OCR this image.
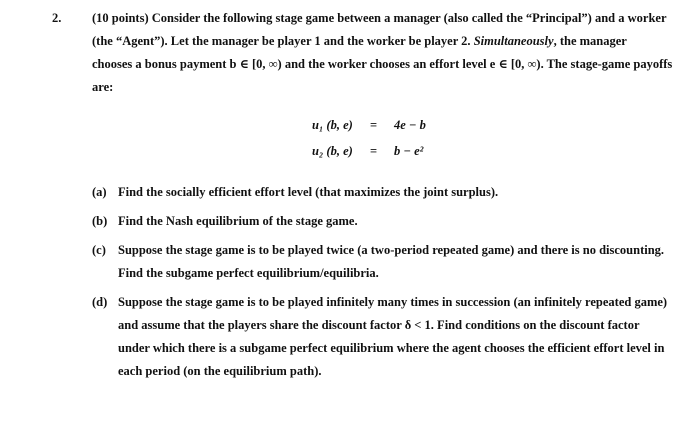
2. (10 points) Consider the following stage game between a manager (also called the “Principal”) and a worker
(the “Agent”). Let the manager be player 1 and the worker be player 2. Simultaneously, the manager
chooses a bonus payment b ∈ [0, ∞) and the worker chooses an effort level e ∈ [0, ∞). The stage-game payoffs
are:
u₁ (b, e) = 4e − b
u₂ (b, e) = b − e²
(a) Find the socially efficient effort level (that maximizes the joint surplus).
(b) Find the Nash equilibrium of the stage game.
(c) Suppose the stage game is to be played twice (a two-period repeated game) and there is no discounting.
Find the subgame perfect equilibrium/equilibria.
(d) Suppose the stage game is to be played infinitely many times in succession (an infinitely repeated game)
and assume that the players share the discount factor δ < 1. Find conditions on the discount factor
under which there is a subgame perfect equilibrium where the agent chooses the efficient effort level in
each period (on the equilibrium path).
